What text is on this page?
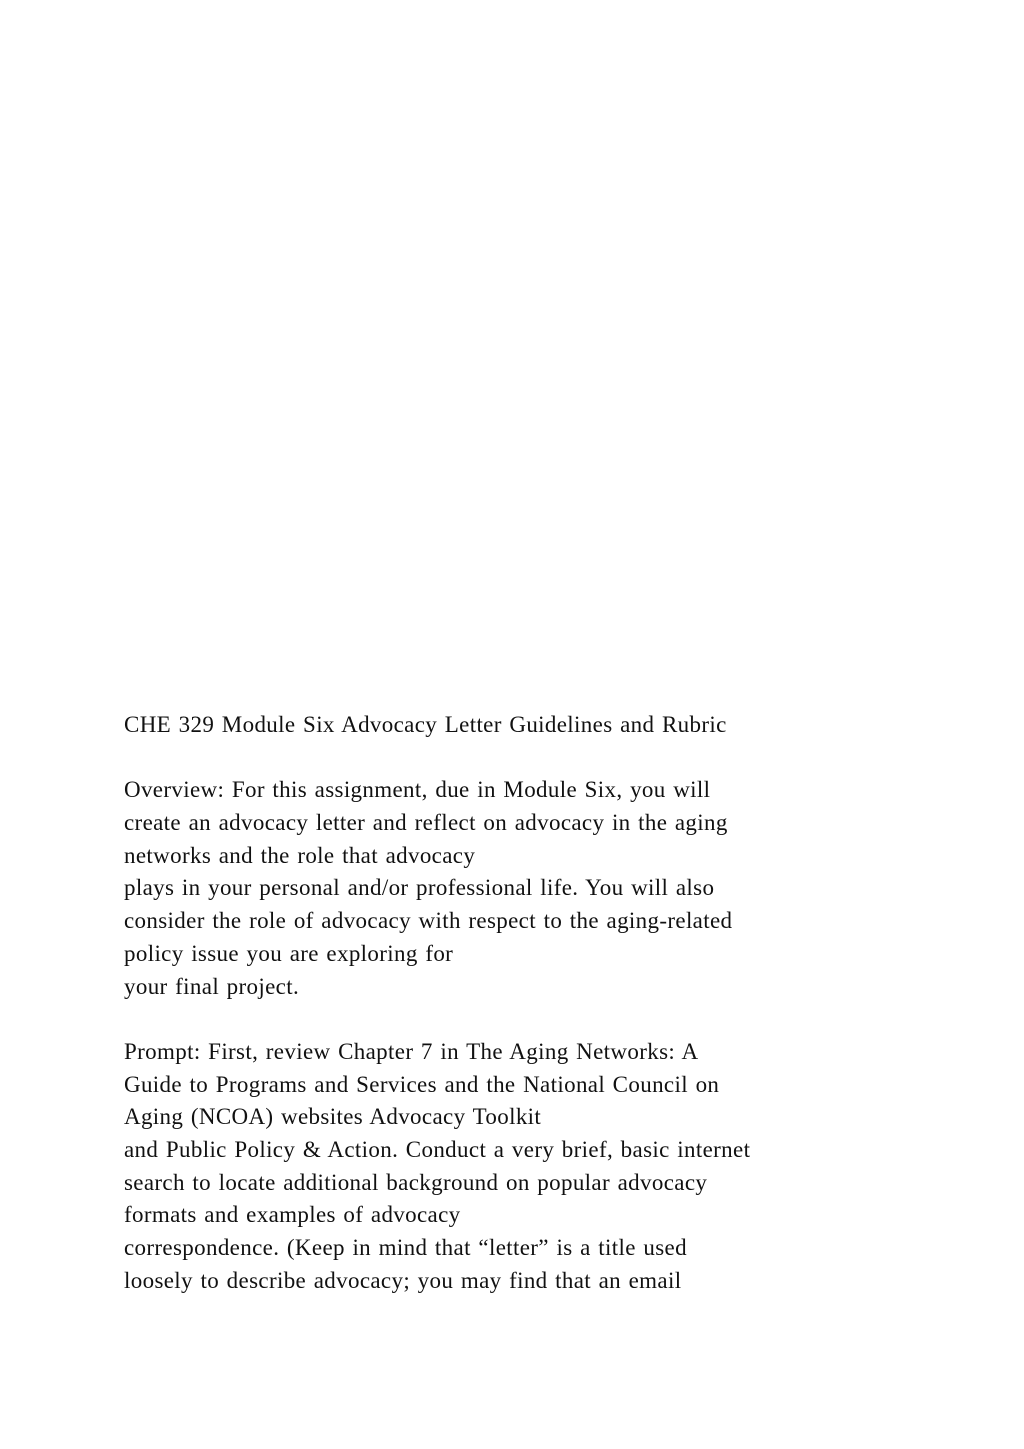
CHE 329 Module Six Advocacy Letter Guidelines and Rubric
Overview: For this assignment, due in Module Six, you will
create an advocacy letter and reflect on advocacy in the aging
networks and the role that advocacy
plays in your personal and/or professional life. You will also
consider the role of advocacy with respect to the aging-related
policy issue you are exploring for
your final project.
Prompt: First, review Chapter 7 in The Aging Networks: A
Guide to Programs and Services and the National Council on
Aging (NCOA) websites Advocacy Toolkit
and Public Policy & Action. Conduct a very brief, basic internet
search to locate additional background on popular advocacy
formats and examples of advocacy
correspondence. (Keep in mind that “letter” is a title used
loosely to describe advocacy; you may find that an email
